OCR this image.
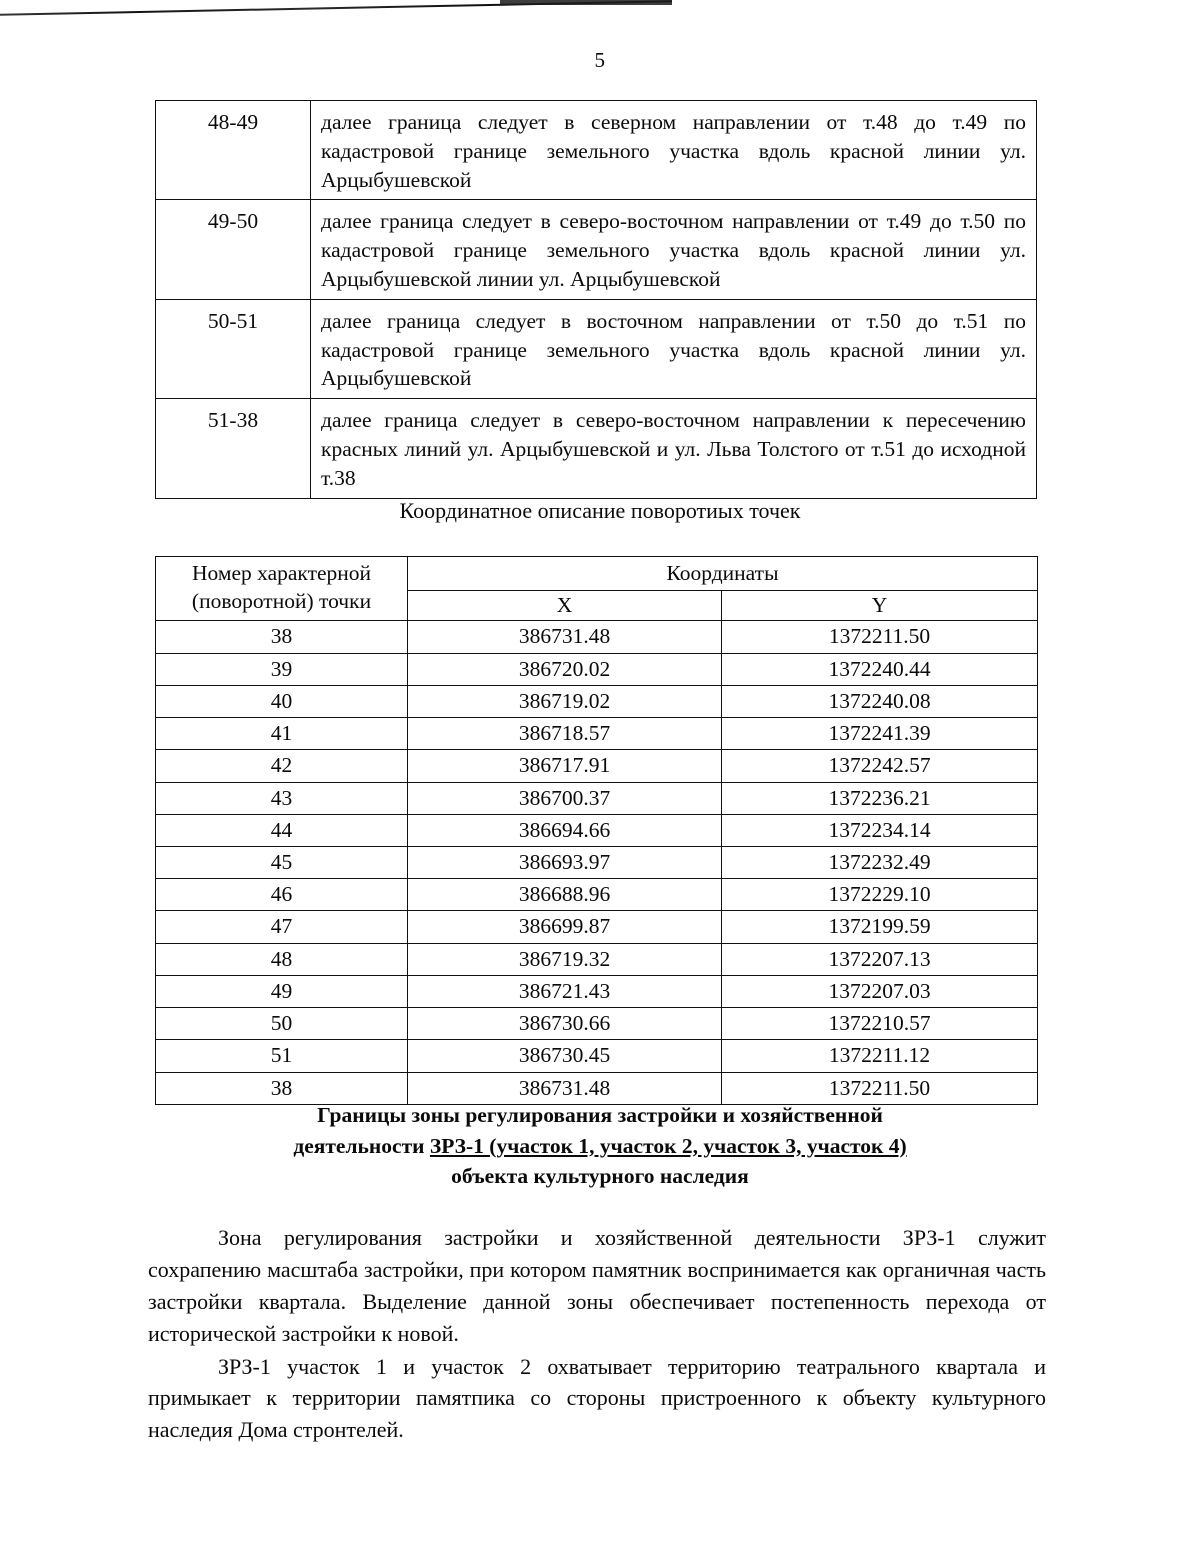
5
48-49	далее граница следует в северном направлении от т.48 до т.49 по кадастровой границе земельного участка вдоль красной линии ул. Арцыбушевской
49-50	далее граница следует в северо-восточном направлении от т.49 до т.50 по кадастровой границе земельного участка вдоль красной линии ул. Арцыбушевской линии ул. Арцыбушевской
50-51	далее граница следует в восточном направлении от т.50 до т.51 по кадастровой границе земельного участка вдоль красной линии ул. Арцыбушевской
51-38	далее граница следует в северо-восточном направлении к пересечению красных линий ул. Арцыбушевской и ул. Льва Толстого от т.51 до исходной т.38
Координатное описание поворотиых точек
Номер характерной
(поворотной) точки	Координаты	
	X	Y
38	386731.48	1372211.50
39	386720.02	1372240.44
40	386719.02	1372240.08
41	386718.57	1372241.39
42	386717.91	1372242.57
43	386700.37	1372236.21
44	386694.66	1372234.14
45	386693.97	1372232.49
46	386688.96	1372229.10
47	386699.87	1372199.59
48	386719.32	1372207.13
49	386721.43	1372207.03
50	386730.66	1372210.57
51	386730.45	1372211.12
38	386731.48	1372211.50
Границы зоны регулирования застройки и хозяйственной
деятельности ЗРЗ-1 (участок 1, участок 2, участок 3, участок 4)
объекта культурного наследия

Зона регулирования застройки и хозяйственной деятельности ЗРЗ-1 служит сохрапению масштаба застройки, при котором памятник воспринимается как органичная часть застройки квартала. Выделение данной зоны обеспечивает постепенность перехода от исторической застройки к новой.

ЗРЗ-1 участок 1 и участок 2 охватывает территорию театрального квартала и примыкает к территории памятпика со стороны пристроенного к объекту культурного наследия Дома стронтелей.
